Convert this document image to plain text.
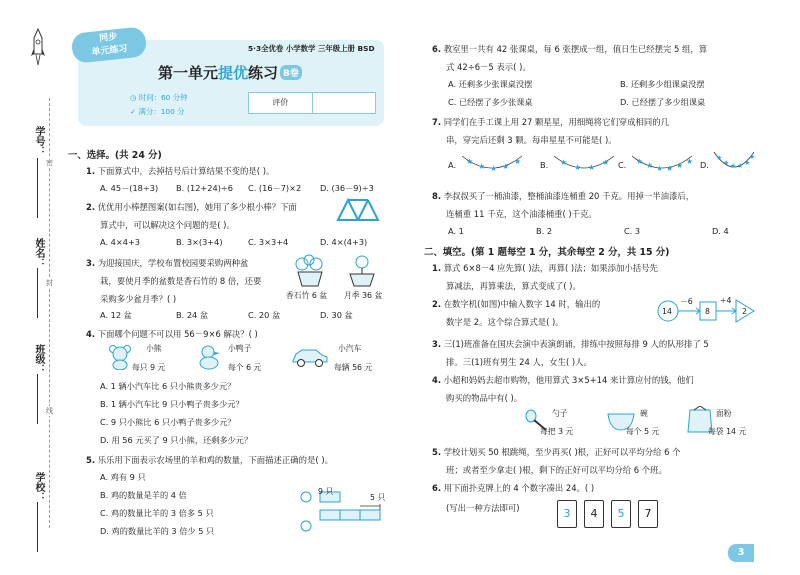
学号：
密
姓名：
封
班级：
线
学校：
同步
单元练习	5·3全优卷 小学数学 三年级上册 BSD
第一单元提优练习 B卷
◷ 时间：60 分钟
✓ 满分：100 分
评价
一、选择。(共 24 分)
1. 下面算式中，去掉括号后计算结果不变的是( )。
A. 45－(18÷3) B. (12+24)÷6 C. (16－7)×2 D. (36－9)÷3
2. 优优用小棒摆图案(如右图)，她用了多少根小棒？下面
算式中，可以解决这个问题的是( )。
A. 4×4+3	B. 3×(3+4)	C. 3×3+4	D. 4×(4+3)
3. 为迎接国庆，学校布置校园要采购两种盆
栽，要使月季的盆数是香石竹的 8 倍，还要
采购多少盆月季？( )	香石竹 6 盆 月季 36 盆
A. 12 盆	B. 24 盆	C. 20 盆	D. 30 盆
4. 下面哪个问题不可以用 56－9×6 解决？( )
小熊	小鸭子	小汽车
每只 9 元	每个 6 元	每辆 56 元
A. 1 辆小汽车比 6 只小熊贵多少元？
B. 1 辆小汽车比 9 只小鸭子贵多少元？
C. 9 只小熊比 6 只小鸭子贵多少元？
D. 用 56 元买了 9 只小熊，还剩多少元？
5. 乐乐用下面表示农场里的羊和鸡的数量，下面描述正确的是( )。
A. 鸡有 9 只
B. 鸡的数量是羊的 4 倍
C. 鸡的数量比羊的 3 倍多 5 只
D. 鸡的数量比羊的 3 倍少 5 只
9 只
5 只
6. 教室里一共有 42 张课桌，每 6 张摆成一组，值日生已经摆完 5 组，算
式 42÷6－5 表示( )。
A. 还剩多少张课桌没摆	B. 还剩多少组课桌没摆
C. 已经摆了多少张课桌	D. 已经摆了多少组课桌
7. 同学们在手工课上用 27 颗星星，用细绳将它们穿成相同的几
串，穿完后还剩 3 颗。每串星星不可能是( )。
A. ★
★ ★ ★
★ B. ★
★ ★
★ C. ★ ★ ★ ★ ★ ★ D.
★
★ ★ ★ ★
★
8. 李叔叔买了一桶油漆，整桶油漆连桶重 20 千克。用掉一半油漆后，
连桶重 11 千克，这个油漆桶重( )千克。
A. 1	B. 2	C. 3	D. 4
二、填空。(第 1 题每空 1 分，其余每空 2 分，共 15 分)
1. 算式 6×8－4 应先算( )法，再算( )法；如果添加小括号先
算减法，再算乘法，算式变成了( )。
2. 在数字机(如图)中输入数字 14 时，输出的
数字是 2。这个综合算式是( )。
14
－6
8
÷4
2
3. 三(1)班准备在国庆会演中表演朗诵，排练中按照每排 9 人的队形排了 5
排。三(1)班有男生 24 人，女生( )人。
4. 小超和妈妈去超市购物，他用算式 3×5+14 来计算应付的钱，他们
购买的物品中有( )。
勺子	碗	面粉
每把 3 元	每个 5 元	每袋 14 元
5. 学校计划买 50 根跳绳，至少再买( )根，正好可以平均分给 6 个
班；或者至少拿走( )根，剩下的正好可以平均分给 6 个班。
6. 用下面扑克牌上的 4 个数字凑出 24。( )
(写出一种方法即可)	3	4	5	7
3
